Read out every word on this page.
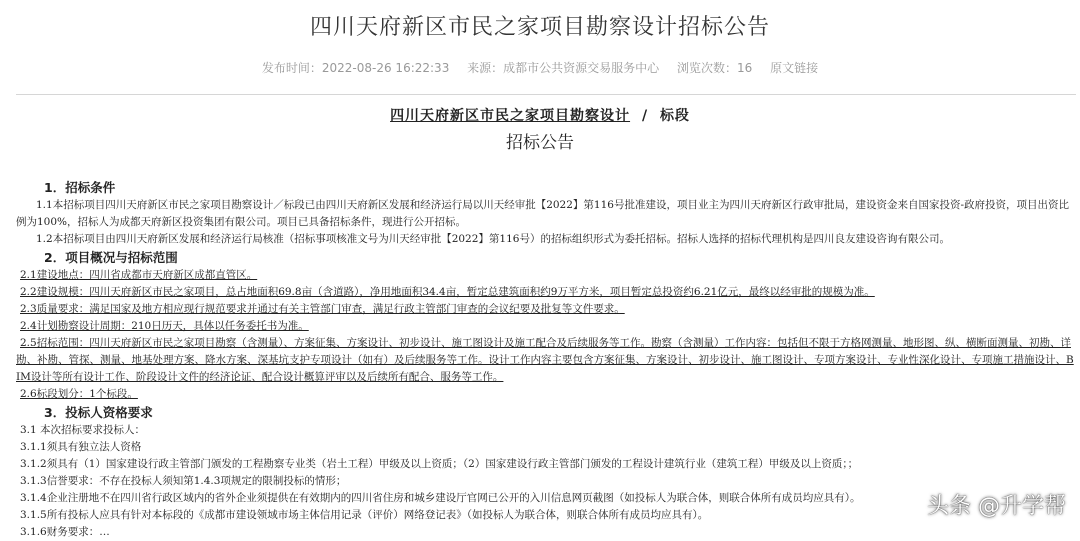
四川天府新区市民之家项目勘察设计招标公告
发布时间：2022-08-26 16:22:33 来源：成都市公共资源交易服务中心 浏览次数：16 原文链接
四川天府新区市民之家项目勘察设计 / 标段
招标公告

1．招标条件

1.1本招标项目四川天府新区市民之家项目勘察设计／标段已由四川天府新区发展和经济运行局以川天经审批【2022】第116号批准建设，项目业主为四川天府新区行政审批局，建设资金来自国家投资-政府投资，项目出资比例为100%，招标人为成都天府新区投资集团有限公司。项目已具备招标条件，现进行公开招标。

1.2本招标项目由四川天府新区发展和经济运行局核准（招标事项核准文号为川天经审批【2022】第116号）的招标组织形式为委托招标。招标人选择的招标代理机构是四川良友建设咨询有限公司。

2．项目概况与招标范围

2.1建设地点：四川省成都市天府新区成都直管区。

2.2建设规模：四川天府新区市民之家项目，总占地面积69.8亩（含道路），净用地面积34.4亩，暂定总建筑面积约9万平方米，项目暂定总投资约6.21亿元，最终以经审批的规模为准。

2.3质量要求：满足国家及地方相应现行规范要求并通过有关主管部门审查，满足行政主管部门审查的会议纪要及批复等文件要求。

2.4计划勘察设计周期：210日历天，具体以任务委托书为准。

2.5招标范围：四川天府新区市民之家项目勘察（含测量）、方案征集、方案设计、初步设计、施工图设计及施工配合及后续服务等工作。勘察（含测量）工作内容：包括但不限于方格网测量、地形图、纵、横断面测量、初勘、详勘、补勘、管探、测量、地基处理方案、降水方案、深基坑支护专项设计（如有）及后续服务等工作。设计工作内容主要包含方案征集、方案设计、初步设计、施工图设计、专项方案设计、专业性深化设计、专项施工措施设计、BIM设计等所有设计工作、阶段设计文件的经济论证、配合设计概算评审以及后续所有配合、服务等工作。

2.6标段划分：1个标段。

3．投标人资格要求

3.1 本次招标要求投标人：

3.1.1须具有独立法人资格

3.1.2须具有（1）国家建设行政主管部门颁发的工程勘察专业类（岩土工程）甲级及以上资质；（2）国家建设行政主管部门颁发的工程设计建筑行业（建筑工程）甲级及以上资质；；

3.1.3信誉要求：不存在投标人须知第1.4.3项规定的限制投标的情形；

3.1.4企业注册地不在四川省行政区域内的省外企业须提供在有效期内的四川省住房和城乡建设厅官网已公开的入川信息网页截图（如投标人为联合体，则联合体所有成员均应具有）。

3.1.5所有投标人应具有针对本标段的《成都市建设领域市场主体信用记录（评价）网络登记表》（如投标人为联合体，则联合体所有成员均应具有）。

3.1.6财务要求：…

头条 @升学帮
